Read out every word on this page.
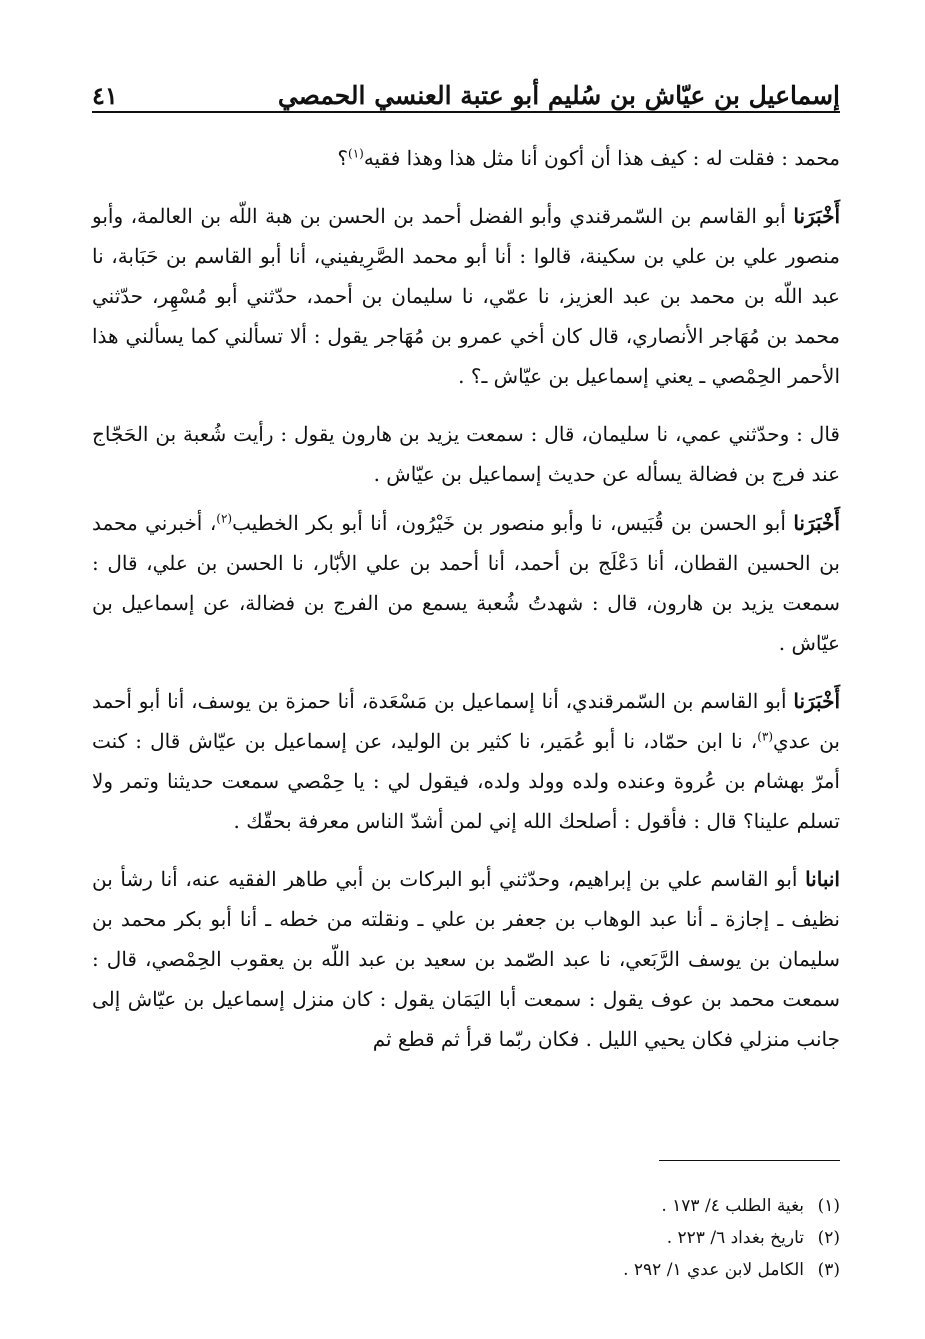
إسماعيل بن عيّاش بن سُليم أبو عتبة العنسي الحمصي
٤١

محمد : فقلت له : كيف هذا أن أكون أنا مثل هذا وهذا فقيه$^{(١)}$؟

أَخْبَرَنا أبو القاسم بن السّمرقندي وأبو الفضل أحمد بن الحسن بن هبة اللّه بن العالمة، وأبو منصور علي بن علي بن سكينة، قالوا : أنا أبو محمد الصَّرِيفيني، أنا أبو القاسم بن حَبَابة، نا عبد اللّه بن محمد بن عبد العزيز، نا عمّي، نا سليمان بن أحمد، حدّثني أبو مُسْهِر، حدّثني محمد بن مُهَاجر الأنصاري، قال كان أخي عمرو بن مُهَاجر يقول : ألا تسألني كما يسألني هذا الأحمر الحِمْصي ـ يعني إسماعيل بن عيّاش ـ؟ .

قال : وحدّثني عمي، نا سليمان، قال : سمعت يزيد بن هارون يقول : رأيت شُعبة بن الحَجّاج عند فرج بن فضالة يسأله عن حديث إسماعيل بن عيّاش .

أَخْبَرَنا أبو الحسن بن قُبَيس، نا وأبو منصور بن خَيْرُون، أنا أبو بكر الخطيب$^{(٢)}$، أخبرني محمد بن الحسين القطان، أنا دَعْلَج بن أحمد، أنا أحمد بن علي الأبّار، نا الحسن بن علي، قال : سمعت يزيد بن هارون، قال : شهدتُ شُعبة يسمع من الفرج بن فضالة، عن إسماعيل بن عيّاش .

أَخْبَرَنا أبو القاسم بن السّمرقندي، أنا إسماعيل بن مَسْعَدة، أنا حمزة بن يوسف، أنا أبو أحمد بن عدي$^{(٣)}$، نا ابن حمّاد، نا أبو عُمَير، نا كثير بن الوليد، عن إسماعيل بن عيّاش قال : كنت أمرّ بهشام بن عُروة وعنده ولده وولد ولده، فيقول لي : يا حِمْصي سمعت حديثنا وتمر ولا تسلم علينا؟ قال : فأقول : أصلحك الله إني لمن أشدّ الناس معرفة بحقّك .

انبانا أبو القاسم علي بن إبراهيم، وحدّثني أبو البركات بن أبي طاهر الفقيه عنه، أنا رشأ بن نظيف ـ إجازة ـ أنا عبد الوهاب بن جعفر بن علي ـ ونقلته من خطه ـ أنا أبو بكر محمد بن سليمان بن يوسف الرَّبَعي، نا عبد الصّمد بن سعيد بن عبد اللّه بن يعقوب الحِمْصي، قال : سمعت محمد بن عوف يقول : سمعت أبا اليَمَان يقول : كان منزل إسماعيل بن عيّاش إلى جانب منزلي فكان يحيي الليل . فكان ربّما قرأ ثم قطع ثم

(١)بغية الطلب ٤/ ١٧٣ .

(٢)تاريخ بغداد ٦/ ٢٢٣ .

(٣)الكامل لابن عدي ١/ ٢٩٢ .
